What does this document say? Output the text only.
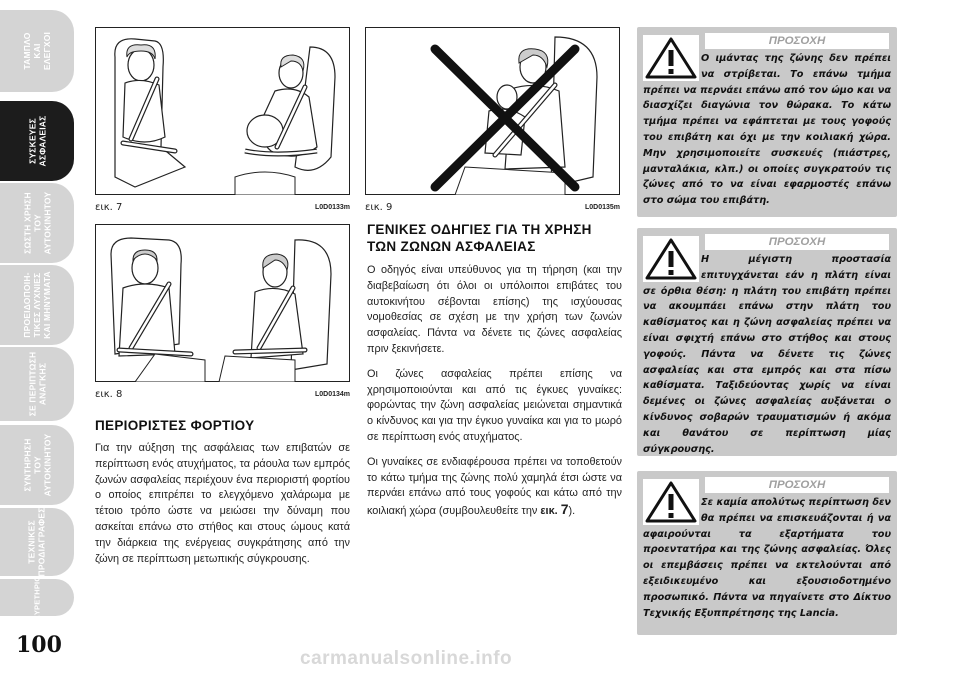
ΤΑΜΠΛΟ
ΚΑΙ
ΕΛΕΓΧΟΙ
ΣΥΣΚΕΥΕΣ
ΑΣΦΑΛΕΙΑΣ
ΣΩΣΤΗ ΧΡΗΣΗ
ΤΟΥ
ΑΥΤΟΚΙΝΗΤΟΥ
ΠΡΟΕΙΔΟΠΟΙΗ-
ΤΙΚΕΣ ΛΥΧΝΙΕΣ
ΚΑΙ ΜΗΝΥΜΑΤΑ
ΣΕ ΠΕΡΙΠΤΩΣΗ
ΑΝΑΓΚΗΣ
ΣΥΝΤΗΡΗΣΗ
ΤΟΥ
ΑΥΤΟΚΙΝΗΤΟΥ
ΤΕΧΝΙΚΕΣ
ΠΡΟΔΙΑΓΡΑΦΕΣ
ΕΥΡΕΤΗΡΙΟ
100
εικ. 7	L0D0133m
εικ. 8	L0D0134m
εικ. 9	L0D0135m
ΠΕΡΙΟΡΙΣΤΕΣ ΦΟΡΤΙΟΥ

Για την αύξηση της ασφάλειας των επιβατών σε περίπτωση ενός ατυχήματος, τα ράουλα των εμπρός ζωνών ασφαλείας περιέχουν ένα περιοριστή φορτίου ο οποίος επιτρέπει το ελεγχόμενο χαλάρωμα με τέτοιο τρόπο ώστε να μειώσει την δύναμη που ασκείται επάνω στο στήθος και στους ώμους κατά την διάρκεια της ενέργειας συγκράτησης από την ζώνη σε περίπτωση μετωπικής σύγκρουσης.

ΓΕΝΙΚΕΣ ΟΔΗΓΙΕΣ ΓΙΑ ΤΗ ΧΡΗΣΗ ΤΩΝ ΖΩΝΩΝ ΑΣΦΑΛΕΙΑΣ

Ο οδηγός είναι υπεύθυνος για τη τήρηση (και την διαβεβαίωση ότι όλοι οι υπόλοιποι επιβάτες του αυτοκινήτου σέβονται επίσης) της ισχύουσας νομοθεσίας σε σχέση με την χρήση των ζωνών ασφαλείας. Πάντα να δένετε τις ζώνες ασφαλείας πριν ξεκινήσετε.

Οι ζώνες ασφαλείας πρέπει επίσης να χρησιμοποιούνται και από τις έγκυες γυναίκες: φορώντας την ζώνη ασφαλείας μειώνεται σημαντικά ο κίνδυνος και για την έγκυο γυναίκα και για το μωρό σε περίπτωση ενός ατυχήματος.

Οι γυναίκες σε ενδιαφέρουσα πρέπει να τοποθετούν το κάτω τμήμα της ζώνης πολύ χαμηλά έτσι ώστε να περνάει επάνω από τους γοφούς και κάτω από την κοιλιακή χώρα (συμβουλευθείτε την εικ. 7).

ΠΡΟΣΟΧΗ
Ο ιμάντας της ζώνης δεν πρέπει να στρίβεται. Το επάνω τμήμα πρέπει να περνάει επάνω από τον ώμο και να διασχίζει διαγώνια τον θώρακα. Το κάτω τμήμα πρέπει να εφάπτεται με τους γοφούς του επιβάτη και όχι με την κοιλιακή χώρα. Μην χρησιμοποιείτε συσκευές (πιάστρες, μανταλάκια, κλπ.) οι οποίες συγκρατούν τις ζώνες από το να είναι εφαρμοστές επάνω στο σώμα του επιβάτη.
ΠΡΟΣΟΧΗ
Η μέγιστη προστασία επιτυγχάνεται εάν η πλάτη είναι σε όρθια θέση: η πλάτη του επιβάτη πρέπει να ακουμπάει επάνω στην πλάτη του καθίσματος και η ζώνη ασφαλείας πρέπει να είναι σφιχτή επάνω στο στήθος και στους γοφούς. Πάντα να δένετε τις ζώνες ασφαλείας και στα εμπρός και στα πίσω καθίσματα. Ταξιδεύοντας χωρίς να είναι δεμένες οι ζώνες ασφαλείας αυξάνεται ο κίνδυνος σοβαρών τραυματισμών ή ακόμα και θανάτου σε περίπτωση μίας σύγκρουσης.
ΠΡΟΣΟΧΗ
Σε καμία απολύτως περίπτωση δεν θα πρέπει να επισκευάζονται ή να αφαιρούνται τα εξαρτήματα του προεντατήρα και της ζώνης ασφαλείας. Όλες οι επεμβάσεις πρέπει να εκτελούνται από εξειδικευμένο και εξουσιοδοτημένο προσωπικό. Πάντα να πηγαίνετε στο Δίκτυο Τεχνικής Εξυππρέτησης της Lancia.
carmanualsonline.info
